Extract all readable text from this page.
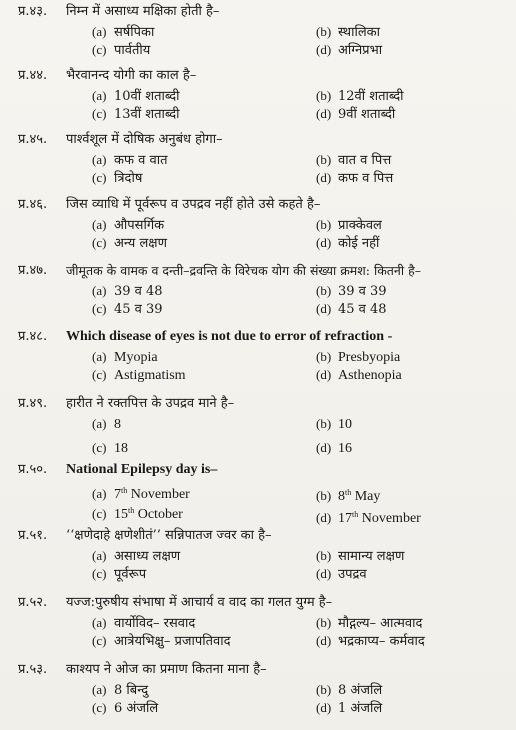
प्र.४३. निम्न में असाध्य मक्षिका होती है–
(a) सर्षपिका	(b) स्थालिका
(c) पार्वतीय	(d) अग्निप्रभा
प्र.४४. भैरवानन्द योगी का काल है–
(a) 10वीं शताब्दी	(b) 12वीं शताब्दी
(c) 13वीं शताब्दी	(d) 9वीं शताब्दी
प्र.४५. पार्श्वशूल में दोषिक अनुबंध होगा–
(a) कफ व वात	(b) वात व पित्त
(c) त्रिदोष	(d) कफ व पित्त
प्र.४६. जिस व्याधि में पूर्वरूप व उपद्रव नहीं होते उसे कहते है–
(a) औपसर्गिक	(b) प्राक्केवल
(c) अन्य लक्षण	(d) कोई नहीं
प्र.४७. जीमूतक के वामक व दन्ती–द्रवन्ति के विरेचक योग की संख्या क्रमश: कितनी है–
(a) 39 व 48	(b) 39 व 39
(c) 45 व 39	(d) 45 व 48
प्र.४८. Which disease of eyes is not due to error of refraction -
(a) Myopia	(b) Presbyopia
(c) Astigmatism	(d) Asthenopia
प्र.४९. हारीत ने रक्तपित्त के उपद्रव माने है–
(a) 8	(b) 10
(c) 18	(d) 16
प्र.५०. National Epilepsy day is–
(a) 7th November	(b) 8th May
(c) 15th October	(d) 17th November
प्र.५१. ‘‘क्षणेदाहे क्षणेशीतं’’ सन्निपातज ज्वर का है–
(a) असाध्य लक्षण	(b) सामान्य लक्षण
(c) पूर्वरूप	(d) उपद्रव
प्र.५२. यज्ज:पुरुषीय संभाषा में आचार्य व वाद का गलत युग्म है–
(a) वार्योविद– रसवाद	(b) मौद्गल्य– आत्मवाद
(c) आत्रेयभिक्षु– प्रजापतिवाद	(d) भद्रकाप्य– कर्मवाद
प्र.५३. काश्यप ने ओज का प्रमाण कितना माना है–
(a) 8 बिन्दु	(b) 8 अंजलि
(c) 6 अंजलि	(d) 1 अंजलि
